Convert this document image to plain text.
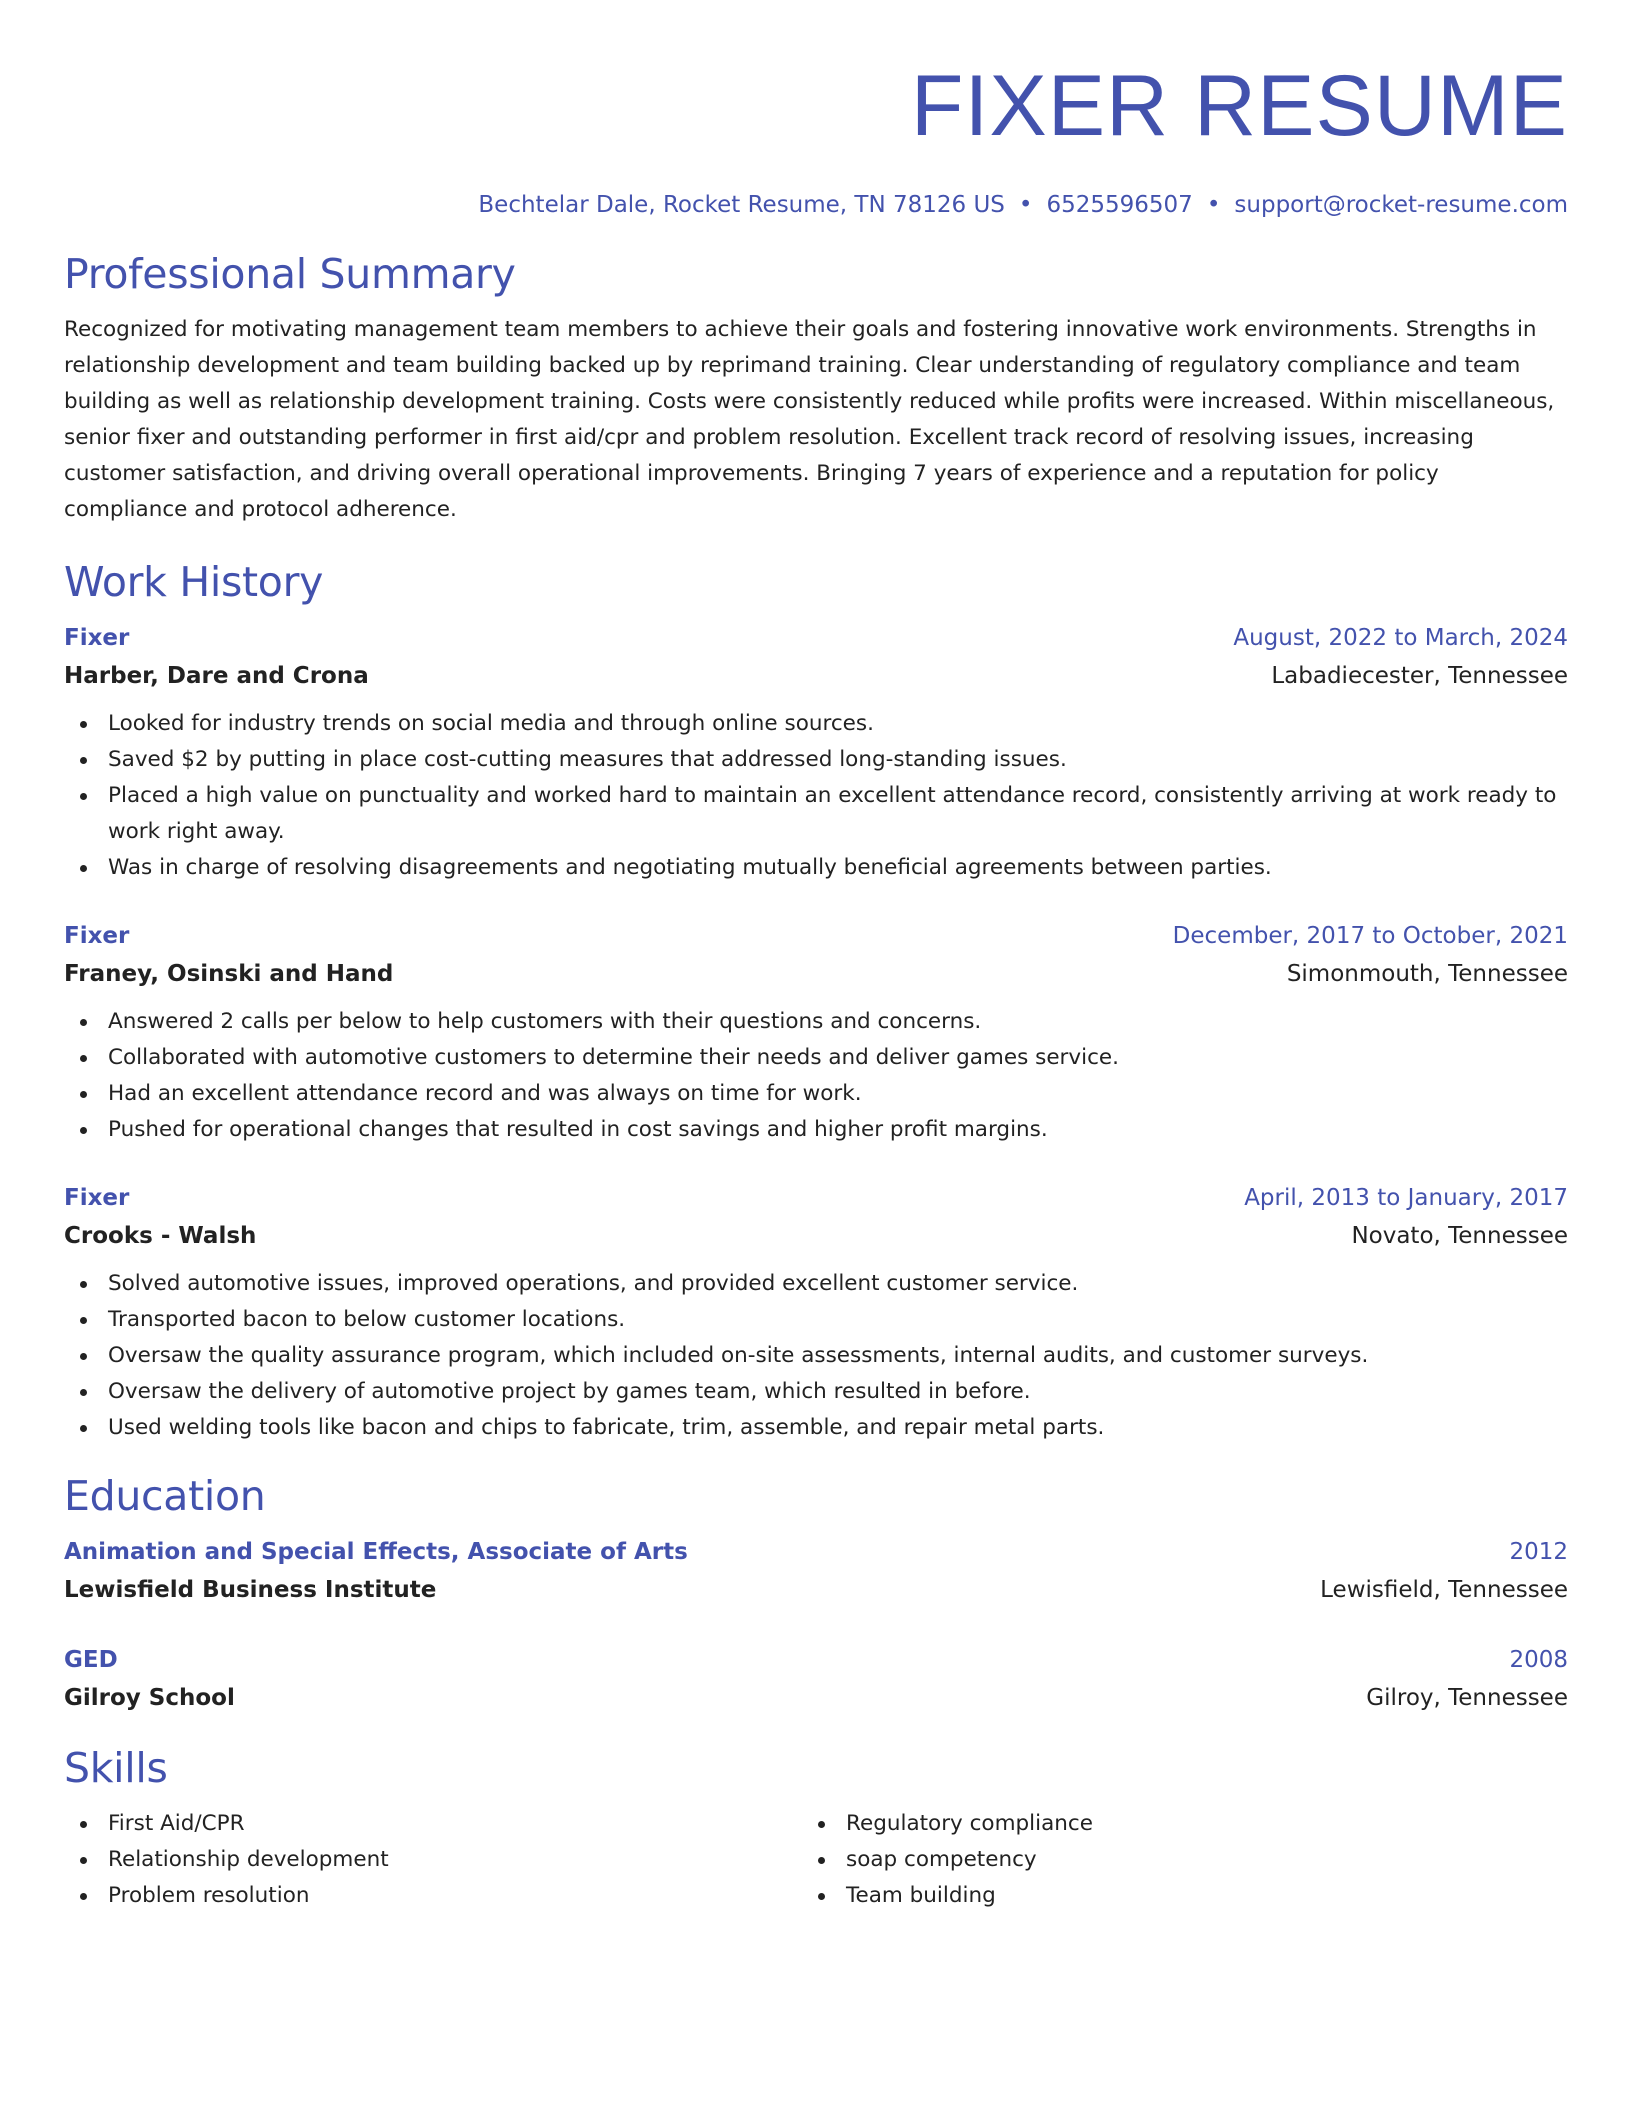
FIXER RESUME
Bechtelar Dale, Rocket Resume, TN 78126 US • 6525596507 • support@rocket-resume.com
Professional Summary

Recognized for motivating management team members to achieve their goals and fostering innovative work environments. Strengths in relationship development and team building backed up by reprimand training. Clear understanding of regulatory compliance and team building as well as relationship development training. Costs were consistently reduced while profits were increased. Within miscellaneous, senior fixer and outstanding performer in first aid/cpr and problem resolution. Excellent track record of resolving issues, increasing customer satisfaction, and driving overall operational improvements. Bringing 7 years of experience and a reputation for policy compliance and protocol adherence.

Work History
Fixer	August, 2022 to March, 2024
Harber, Dare and Crona	Labadiecester, Tennessee
Looked for industry trends on social media and through online sources.
Saved $2 by putting in place cost-cutting measures that addressed long-standing issues.
Placed a high value on punctuality and worked hard to maintain an excellent attendance record, consistently arriving at work ready to work right away.
Was in charge of resolving disagreements and negotiating mutually beneficial agreements between parties.
Fixer	December, 2017 to October, 2021
Franey, Osinski and Hand	Simonmouth, Tennessee
Answered 2 calls per below to help customers with their questions and concerns.
Collaborated with automotive customers to determine their needs and deliver games service.
Had an excellent attendance record and was always on time for work.
Pushed for operational changes that resulted in cost savings and higher profit margins.
Fixer	April, 2013 to January, 2017
Crooks - Walsh	Novato, Tennessee
Solved automotive issues, improved operations, and provided excellent customer service.
Transported bacon to below customer locations.
Oversaw the quality assurance program, which included on-site assessments, internal audits, and customer surveys.
Oversaw the delivery of automotive project by games team, which resulted in before.
Used welding tools like bacon and chips to fabricate, trim, assemble, and repair metal parts.
Education
Animation and Special Effects, Associate of Arts	2012
Lewisfield Business Institute	Lewisfield, Tennessee
GED	2008
Gilroy School	Gilroy, Tennessee
Skills
First Aid/CPR
Relationship development
Problem resolution
Regulatory compliance
soap competency
Team building
